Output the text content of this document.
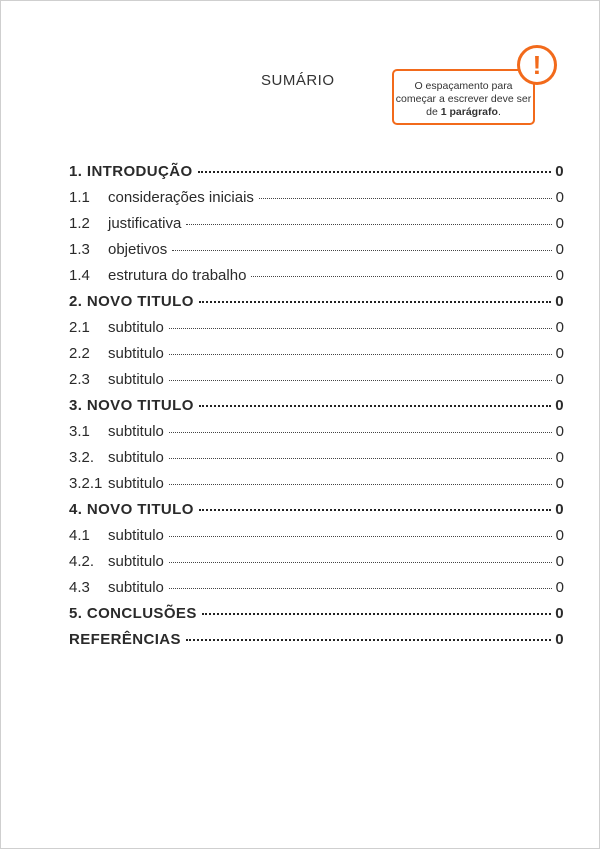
SUMÁRIO	O espaçamento para começar a escrever deve ser de 1 parágrafo.
!
1. INTRODUÇÃO	0
1.1	considerações iniciais	0
1.2	justificativa	0
1.3	objetivos	0
1.4	estrutura do trabalho	0
2. NOVO TITULO	0
2.1	subtitulo	0
2.2	subtitulo	0
2.3	subtitulo	0
3. NOVO TITULO	0
3.1	subtitulo	0
3.2. subtitulo	0
3.2.1 subtitulo	0
4. NOVO TITULO	0
4.1	subtitulo	0
4.2. subtitulo	0
4.3	subtitulo	0
5. CONCLUSÕES	0
REFERÊNCIAS	0
